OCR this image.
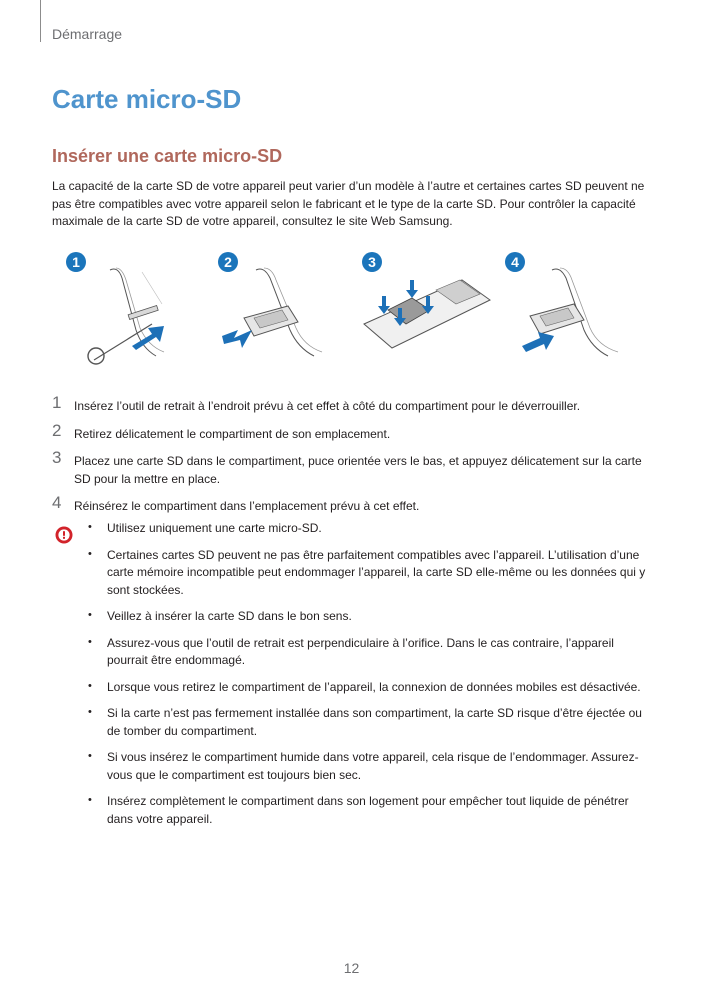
Démarrage
Carte micro-SD
Insérer une carte micro-SD

La capacité de la carte SD de votre appareil peut varier d’un modèle à l’autre et certaines cartes SD peuvent ne pas être compatibles avec votre appareil selon le fabricant et le type de la carte SD. Pour contrôler la capacité maximale de la carte SD de votre appareil, consultez le site Web Samsung.

1	2	3	4
1 Insérez l’outil de retrait à l’endroit prévu à cet effet à côté du compartiment pour le déverrouiller.
2 Retirez délicatement le compartiment de son emplacement.
3 Placez une carte SD dans le compartiment, puce orientée vers le bas, et appuyez délicatement sur la carte SD pour la mettre en place.
4 Réinsérez le compartiment dans l’emplacement prévu à cet effet.
• Utilisez uniquement une carte micro-SD.
• Certaines cartes SD peuvent ne pas être parfaitement compatibles avec l’appareil. L’utilisation d’une carte mémoire incompatible peut endommager l’appareil, la carte SD elle-même ou les données qui y sont stockées.
• Veillez à insérer la carte SD dans le bon sens.
• Assurez-vous que l’outil de retrait est perpendiculaire à l’orifice. Dans le cas contraire, l’appareil pourrait être endommagé.
• Lorsque vous retirez le compartiment de l’appareil, la connexion de données mobiles est désactivée.
• Si la carte n’est pas fermement installée dans son compartiment, la carte SD risque d’être éjectée ou de tomber du compartiment.
• Si vous insérez le compartiment humide dans votre appareil, cela risque de l’endommager. Assurez-vous que le compartiment est toujours bien sec.
• Insérez complètement le compartiment dans son logement pour empêcher tout liquide de pénétrer dans votre appareil.
12
